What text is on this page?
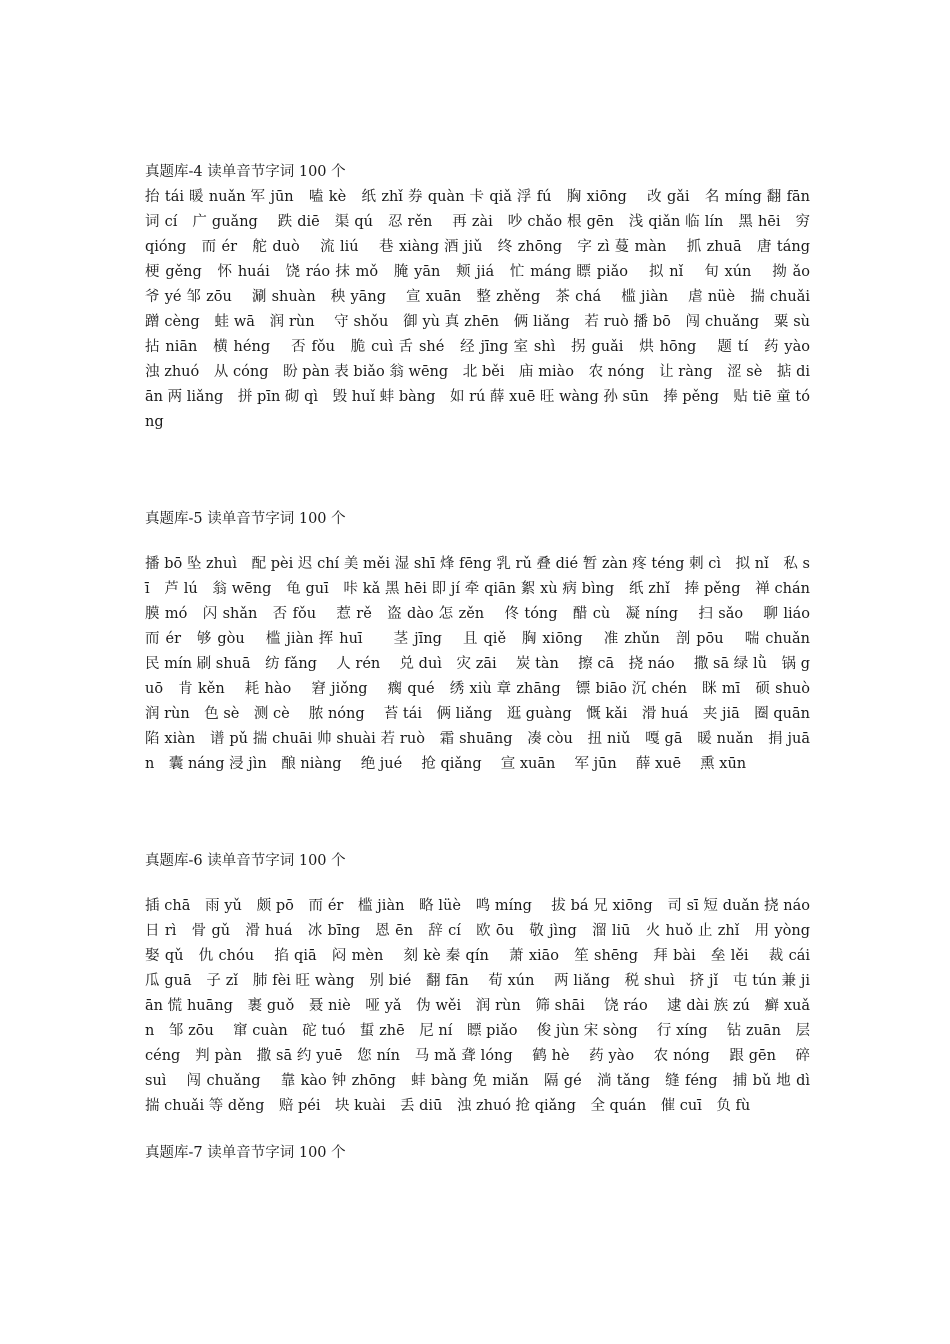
真题库-4 读单音节字词 100 个
抬 tái 暖 nuǎn 军 jūn　嗑 kè　纸 zhǐ 券 quàn 卡 qiǎ 浮 fú　胸 xiōng　 改 gǎi　名 míng 翻 fān　词 cí　广 guǎng　 跌 diē　渠 qú　忍 rěn　 再 zài　吵 chǎo 根 gēn　浅 qiǎn 临 lín　黑 hēi　穷 qióng　而 ér　舵 duò　 流 liú　 巷 xiàng 酒 jiǔ　终 zhōng　字 zì 蔓 màn　 抓 zhuā　唐 táng　梗 gěng　怀 huái　饶 ráo 抹 mǒ　腌 yān　颊 jiá　忙 máng 瞟 piǎo　 拟 nǐ　 旬 xún　 拗 ǎo　 爷 yé 邹 zōu　 涮 shuàn　秧 yāng　 宣 xuān　整 zhěng　茶 chá　 槛 jiàn　 虐 nüè　揣 chuǎi　蹭 cèng　蛙 wā　润 rùn　 守 shǒu　御 yù 真 zhēn　俩 liǎng　若 ruò 播 bō　闯 chuǎng　粟 sù　拈 niān　横 héng　 否 fǒu　脆 cuì 舌 shé　经 jīng 室 shì　拐 guǎi　烘 hōng　 题 tí　药 yào　 浊 zhuó　从 cóng　盼 pàn 表 biǎo 翁 wēng　北 běi　庙 miào　农 nóng　让 ràng　涩 sè　掂 diān 两 liǎng　拼 pīn 砌 qì　毁 huǐ 蚌 bàng　如 rú 薛 xuē 旺 wàng 孙 sūn　捧 pěng　贴 tiē 童 tóng
真题库-5 读单音节字词 100 个
播 bō 坠 zhuì　配 pèi 迟 chí 美 měi 湿 shī 烽 fēng 乳 rǔ 叠 dié 暂 zàn 疼 téng 刺 cì　拟 nǐ　私 sī　芦 lú　翁 wēng　龟 guī　咔 kǎ 黑 hēi 即 jí 牵 qiān 絮 xù 病 bìng　纸 zhǐ　捧 pěng　禅 chán　膜 mó　闪 shǎn　否 fǒu　 惹 rě　盗 dào 怎 zěn　 佟 tóng　醋 cù　凝 níng　 扫 sǎo　 聊 liáo　而 ér　够 gòu　 槛 jiàn 挥 huī　　茎 jīng　 且 qiě　胸 xiōng　 准 zhǔn　剖 pōu　 喘 chuǎn　 民 mín 刷 shuā　纺 fǎng　 人 rén　 兑 duì　灾 zāi　 炭 tàn　 擦 cā　挠 náo　 撒 sā 绿 lǜ　锅 guō　肯 kěn　 耗 hào　 窘 jiǒng　 瘸 qué　绣 xiù 章 zhāng　镖 biāo 沉 chén　眯 mī　硕 shuò　润 rùn　色 sè　测 cè　 脓 nóng　 苔 tái　俩 liǎng　逛 guàng　慨 kǎi　滑 huá　夹 jiā　圈 quān　 陷 xiàn　谱 pǔ 揣 chuāi 帅 shuài 若 ruò　霜 shuāng　凑 còu　扭 niǔ　嘎 gā　暖 nuǎn　捐 juān　囊 náng 浸 jìn　酿 niàng　 绝 jué　 抢 qiǎng　 宣 xuān　 军 jūn　 薛 xuē　 熏 xūn
真题库-6 读单音节字词 100 个
插 chā　雨 yǔ　颇 pō　而 ér　槛 jiàn　略 lüè　鸣 míng　 拔 bá 兄 xiōng　司 sī 短 duǎn 挠 náo　日 rì　骨 gǔ　滑 huá　冰 bīng　恩 ēn　辞 cí　欧 ōu　敬 jìng　溜 liū　火 huǒ 止 zhǐ　用 yòng　　娶 qǔ　仇 chóu　 掐 qiā　闷 mèn　 刻 kè 秦 qín　 萧 xiāo　笙 shēng　拜 bài　垒 lěi　 裁 cái　 瓜 guā　子 zǐ　肺 fèi 旺 wàng　别 bié　翻 fān　 荀 xún　 两 liǎng　税 shuì　挤 jǐ　屯 tún 兼 jiān 慌 huāng　裹 guǒ　聂 niè　哑 yǎ　伪 wěi　润 rùn　筛 shāi　 饶 ráo　 逮 dài 族 zú　癣 xuǎn　邹 zōu　 窜 cuàn　砣 tuó　蜇 zhē　尼 ní　瞟 piǎo　 俊 jùn 宋 sòng　 行 xíng　 钻 zuān　层 céng　判 pàn　撒 sā 约 yuē　您 nín　马 mǎ 聋 lóng　 鹤 hè　 药 yào　 农 nóng　 跟 gēn　 碎 suì　 闯 chuǎng　 靠 kào 钟 zhōng　蚌 bàng 免 miǎn　隔 gé　淌 tǎng　缝 féng　捕 bǔ 地 dì　 揣 chuǎi 等 děng　赔 péi　块 kuài　丢 diū　浊 zhuó 抢 qiǎng　全 quán　催 cuī　负 fù
真题库-7 读单音节字词 100 个
